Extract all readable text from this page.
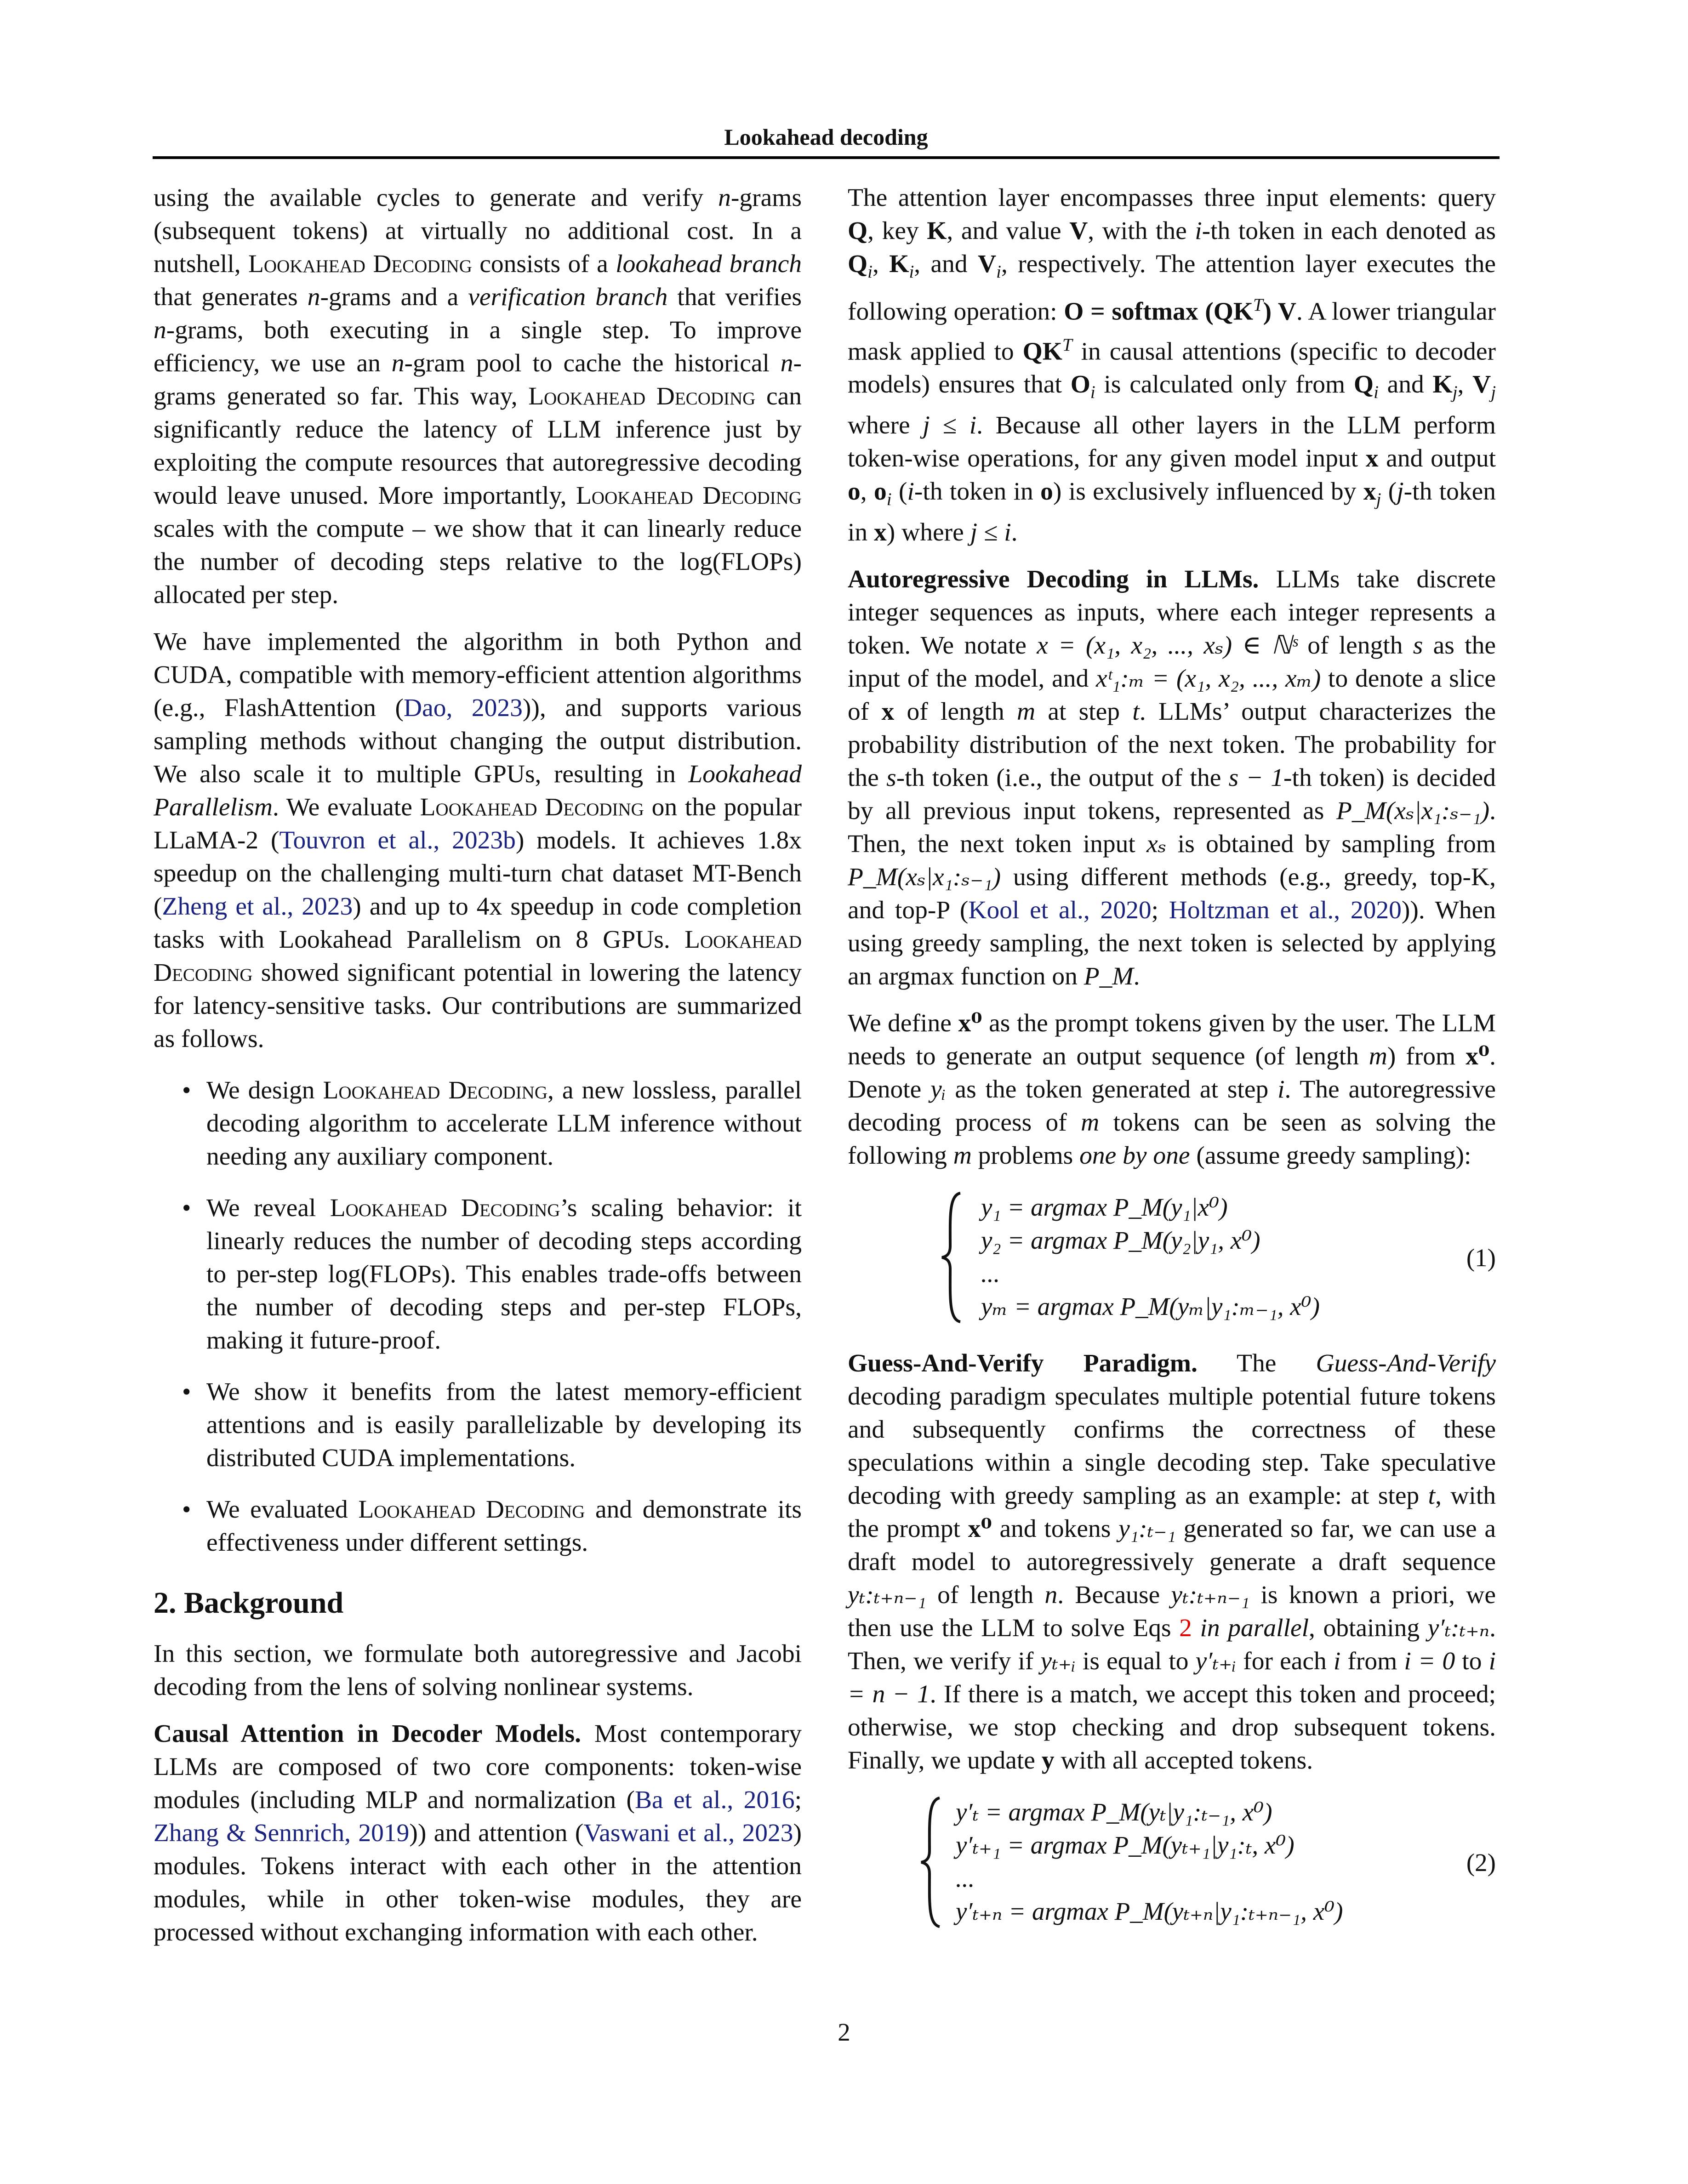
Lookahead decoding

using the available cycles to generate and verify n-grams (subsequent tokens) at virtually no additional cost. In a nutshell, Lookahead Decoding consists of a lookahead branch that generates n-grams and a verification branch that verifies n-grams, both executing in a single step. To improve efficiency, we use an n-gram pool to cache the historical n-grams generated so far. This way, Lookahead Decoding can significantly reduce the latency of LLM inference just by exploiting the compute resources that autoregressive decoding would leave unused. More importantly, Lookahead Decoding scales with the compute – we show that it can linearly reduce the number of decoding steps relative to the log(FLOPs) allocated per step.

We have implemented the algorithm in both Python and CUDA, compatible with memory-efficient attention algorithms (e.g., FlashAttention (Dao, 2023)), and supports various sampling methods without changing the output distribution. We also scale it to multiple GPUs, resulting in Lookahead Parallelism. We evaluate Lookahead Decoding on the popular LLaMA-2 (Touvron et al., 2023b) models. It achieves 1.8x speedup on the challenging multi-turn chat dataset MT-Bench (Zheng et al., 2023) and up to 4x speedup in code completion tasks with Lookahead Parallelism on 8 GPUs. Lookahead Decoding showed significant potential in lowering the latency for latency-sensitive tasks. Our contributions are summarized as follows.

• We design Lookahead Decoding, a new lossless, parallel decoding algorithm to accelerate LLM inference without needing any auxiliary component.
• We reveal Lookahead Decoding’s scaling behavior: it linearly reduces the number of decoding steps according to per-step log(FLOPs). This enables trade-offs between the number of decoding steps and per-step FLOPs, making it future-proof.
• We show it benefits from the latest memory-efficient attentions and is easily parallelizable by developing its distributed CUDA implementations.
• We evaluated Lookahead Decoding and demonstrate its effectiveness under different settings.
2. Background

In this section, we formulate both autoregressive and Jacobi decoding from the lens of solving nonlinear systems.

Causal Attention in Decoder Models. Most contemporary LLMs are composed of two core components: token-wise modules (including MLP and normalization (Ba et al., 2016; Zhang & Sennrich, 2019)) and attention (Vaswani et al., 2023) modules. Tokens interact with each other in the attention modules, while in other token-wise modules, they are processed without exchanging information with each other.

The attention layer encompasses three input elements: query Q, key K, and value V, with the i-th token in each denoted as $Q_i$, $K_i$, and $V_i$, respectively. The attention layer executes the following operation: O = softmax $(QK^T)$ V. A lower triangular mask applied to $QK^T$ in causal attentions (specific to decoder models) ensures that $O_i$ is calculated only from $Q_i$ and $K_j$, $V_j$ where j ≤ i. Because all other layers in the LLM perform token-wise operations, for any given model input x and output o, $o_i$ (i-th token in o) is exclusively influenced by $x_j$ (j-th token in x) where j ≤ i.

Autoregressive Decoding in LLMs. LLMs take discrete integer sequences as inputs, where each integer represents a token. We notate x = (x₁, x₂, ..., xₛ) ∈ ℕˢ of length s as the input of the model, and xᵗ₁:ₘ = (x₁, x₂, ..., xₘ) to denote a slice of x of length m at step t. LLMs’ output characterizes the probability distribution of the next token. The probability for the s-th token (i.e., the output of the s − 1-th token) is decided by all previous input tokens, represented as P_M(xₛ|x₁:ₛ₋₁). Then, the next token input xₛ is obtained by sampling from P_M(xₛ|x₁:ₛ₋₁) using different methods (e.g., greedy, top-K, and top-P (Kool et al., 2020; Holtzman et al., 2020)). When using greedy sampling, the next token is selected by applying an argmax function on P_M.

We define x⁰ as the prompt tokens given by the user. The LLM needs to generate an output sequence (of length m) from x⁰. Denote yᵢ as the token generated at step i. The autoregressive decoding process of m tokens can be seen as solving the following m problems one by one (assume greedy sampling):

y₁ = argmax P_M(y₁|x⁰)
y₂ = argmax P_M(y₂|y₁, x⁰)
...
yₘ = argmax P_M(yₘ|y₁:ₘ₋₁, x⁰)
(1)

Guess-And-Verify Paradigm. The Guess-And-Verify decoding paradigm speculates multiple potential future tokens and subsequently confirms the correctness of these speculations within a single decoding step. Take speculative decoding with greedy sampling as an example: at step t, with the prompt x⁰ and tokens y₁:ₜ₋₁ generated so far, we can use a draft model to autoregressively generate a draft sequence yₜ:ₜ₊ₙ₋₁ of length n. Because yₜ:ₜ₊ₙ₋₁ is known a priori, we then use the LLM to solve Eqs 2 in parallel, obtaining y′ₜ:ₜ₊ₙ. Then, we verify if yₜ₊ᵢ is equal to y′ₜ₊ᵢ for each i from i = 0 to i = n − 1. If there is a match, we accept this token and proceed; otherwise, we stop checking and drop subsequent tokens. Finally, we update y with all accepted tokens.

y′ₜ = argmax P_M(yₜ|y₁:ₜ₋₁, x⁰)
y′ₜ₊₁ = argmax P_M(yₜ₊₁|y₁:ₜ, x⁰)
...
y′ₜ₊ₙ = argmax P_M(yₜ₊ₙ|y₁:ₜ₊ₙ₋₁, x⁰)
(2)
2
